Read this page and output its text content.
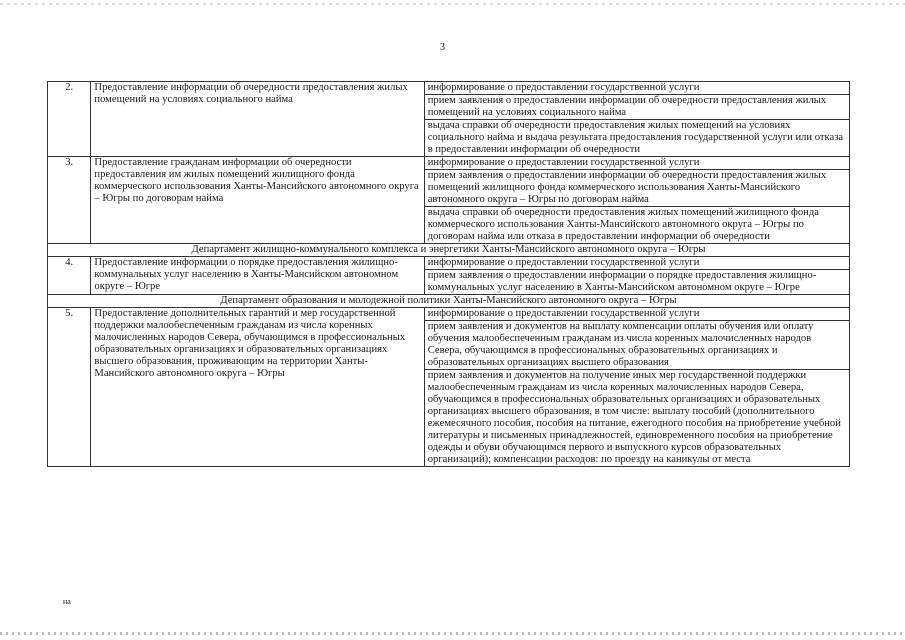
3
2.	Предоставление информации об очередности предоставления жилых помещений на условиях социального найма	информирование о предоставлении государственной услуги
		прием заявления о предоставлении информации об очередности предоставления жилых помещений на условиях социального найма
		выдача справки об очередности предоставления жилых помещений на условиях социального найма и выдача результата предоставления государственной услуги или отказа в предоставлении информации об очередности
3.	Предоставление гражданам информации об очередности предоставления им жилых помещений жилищного фонда коммерческого использования Ханты-Мансийского автономного округа – Югры по договорам найма	информирование о предоставлении государственной услуги
		прием заявления о предоставлении информации об очередности предоставления жилых помещений жилищного фонда коммерческого использования Ханты-Мансийского автономного округа – Югры по договорам найма
		выдача справки об очередности предоставления жилых помещений жилищного фонда коммерческого использования Ханты-Мансийского автономного округа – Югры по договорам найма или отказа в предоставлении информации об очередности
Департамент жилищно-коммунального комплекса и энергетики Ханты-Мансийского автономного округа – Югры		
4.	Предоставление информации о порядке предоставления жилищно-коммунальных услуг населению в Ханты-Мансийском автономном округе – Югре	информирование о предоставлении государственной услуги
		прием заявления о предоставлении информации о порядке предоставления жилищно-коммунальных услуг населению в Ханты-Мансийском автономном округе – Югре
Департамент образования и молодежной политики Ханты-Мансийского автономного округа – Югры		
5.	Предоставление дополнительных гарантий и мер государственной поддержки малообеспеченным гражданам из числа коренных малочисленных народов Севера, обучающимся в профессиональных образовательных организациях и образовательных организациях высшего образования, проживающим на территории Ханты-Мансийского автономного округа – Югры	информирование о предоставлении государственной услуги
		прием заявления и документов на выплату компенсации оплаты обучения или оплату обучения малообеспеченным гражданам из числа коренных малочисленных народов Севера, обучающимся в профессиональных образовательных организациях и образовательных организациях высшего образования
		прием заявления и документов на получение иных мер государственной поддержки малообеспеченным гражданам из числа коренных малочисленных народов Севера, обучающимся в профессиональных образовательных организациях и образовательных организациях высшего образования, в том числе: выплату пособий (дополнительного ежемесячного пособия, пособия на питание, ежегодного пособия на приобретение учебной литературы и письменных принадлежностей, единовременного пособия на приобретение одежды и обуви обучающимся первого и выпускного курсов образовательных организаций); компенсации расходов: по проезду на каникулы от места
на
